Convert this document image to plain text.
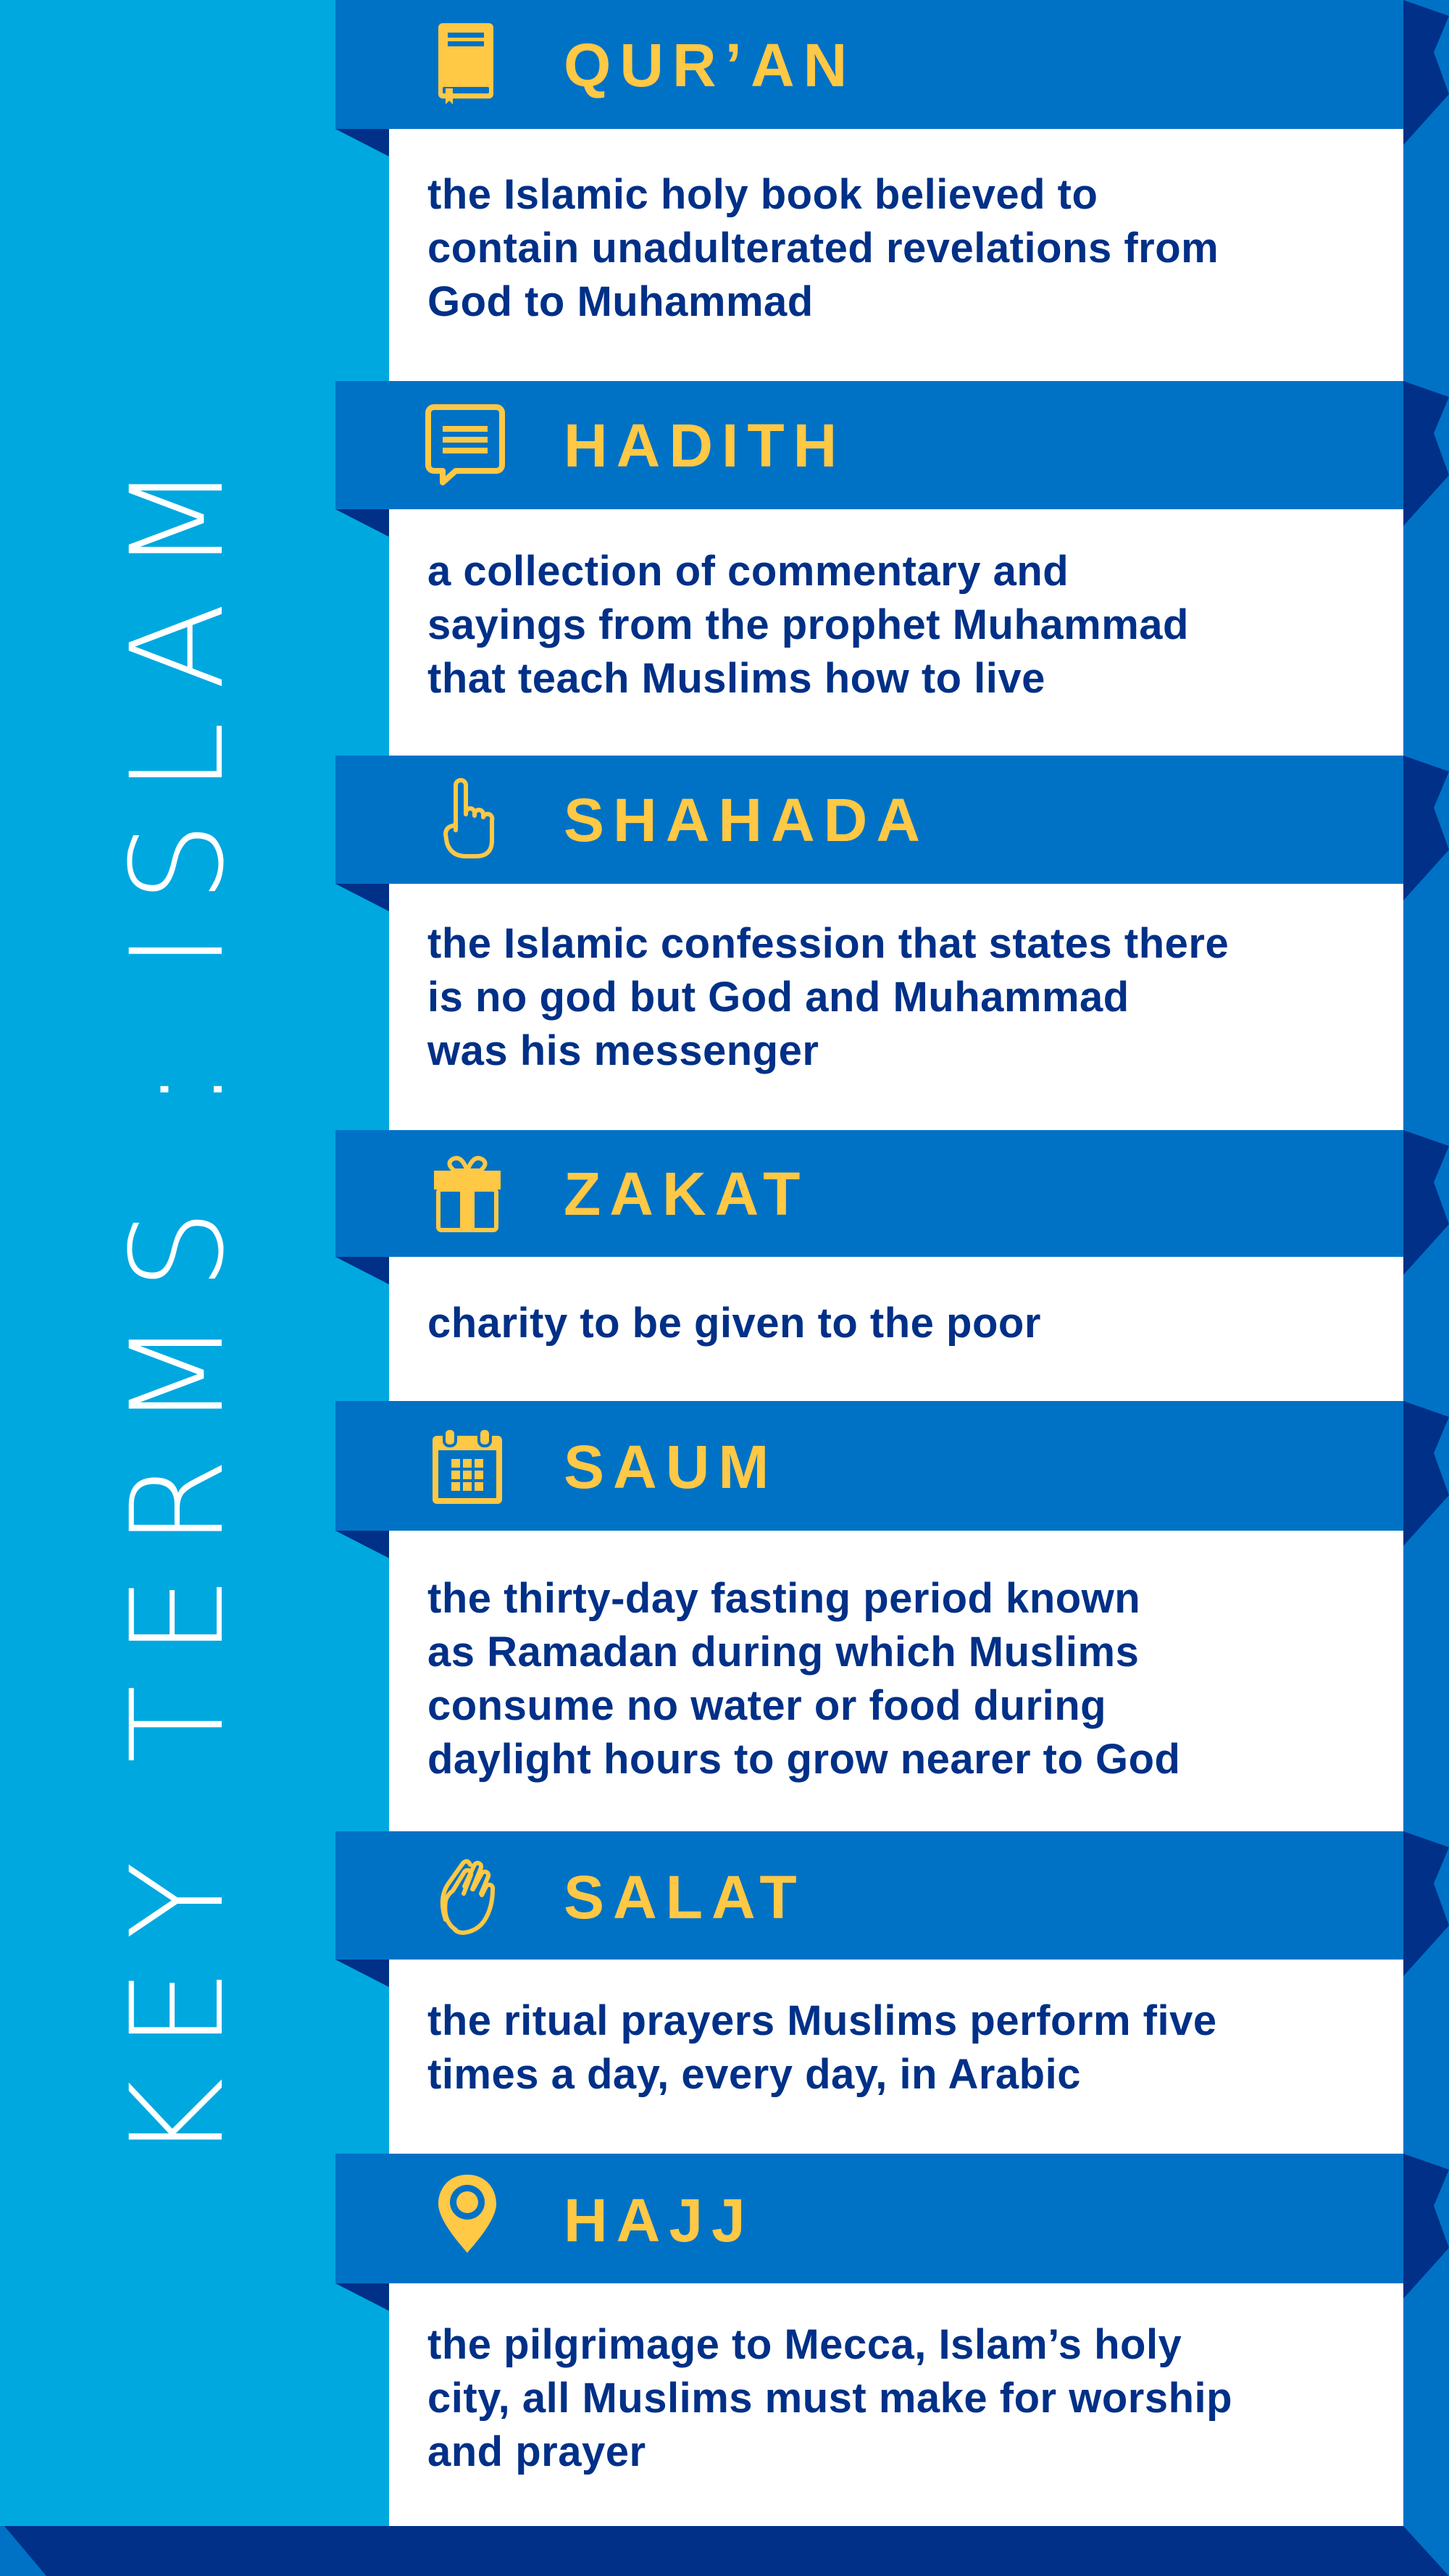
KEY TERMS : ISLAM
QUR’AN
the Islamic holy book believed to
contain unadulterated revelations from
God to Muhammad
HADITH
a collection of commentary and
sayings from the prophet Muhammad
that teach Muslims how to live
SHAHADA
the Islamic confession that states there
is no god but God and Muhammad
was his messenger
ZAKAT
charity to be given to the poor
SAUM
the thirty-day fasting period known
as Ramadan during which Muslims
consume no water or food during
daylight hours to grow nearer to God
SALAT
the ritual prayers Muslims perform five
times a day, every day, in Arabic
HAJJ
the pilgrimage to Mecca, Islam’s holy
city, all Muslims must make for worship
and prayer
